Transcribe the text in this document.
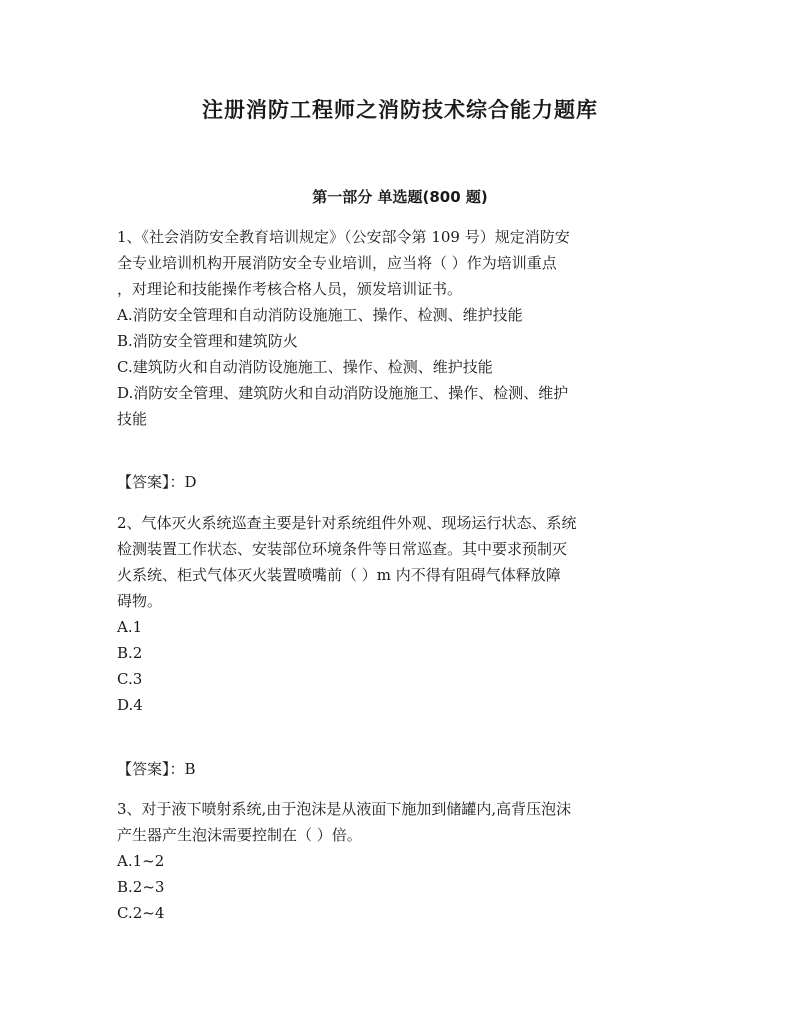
注册消防工程师之消防技术综合能力题库
第一部分 单选题(800 题)
1、《社会消防安全教育培训规定》（公安部令第 109 号）规定消防安
全专业培训机构开展消防安全专业培训，应当将（ ）作为培训重点
，对理论和技能操作考核合格人员，颁发培训证书。
A.消防安全管理和自动消防设施施工、操作、检测、维护技能
B.消防安全管理和建筑防火
C.建筑防火和自动消防设施施工、操作、检测、维护技能
D.消防安全管理、建筑防火和自动消防设施施工、操作、检测、维护
技能
【答案】：D
2、气体灭火系统巡查主要是针对系统组件外观、现场运行状态、系统
检测装置工作状态、安装部位环境条件等日常巡查。其中要求预制灭
火系统、柜式气体灭火装置喷嘴前（ ）m 内不得有阻碍气体释放障
碍物。
A.1
B.2
C.3
D.4
【答案】：B
3、对于液下喷射系统,由于泡沫是从液面下施加到储罐内,高背压泡沫
产生器产生泡沫需要控制在（ ）倍。
A.1~2
B.2~3
C.2~4
